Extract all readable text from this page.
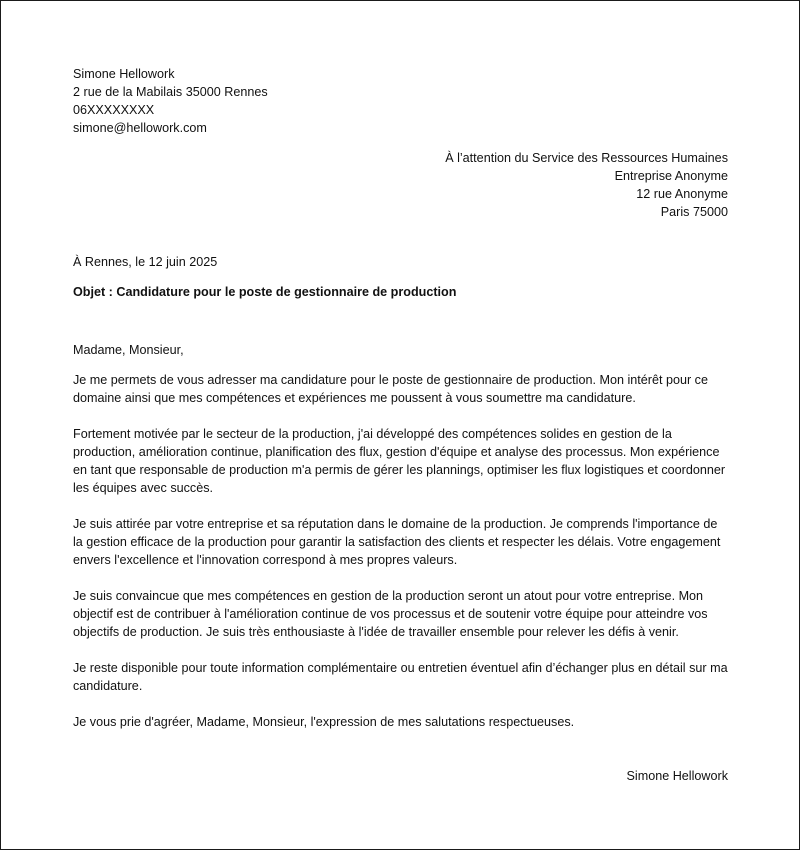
Simone Hellowork

2 rue de la Mabilais 35000 Rennes

06XXXXXXXX

simone@hellowork.com

À l’attention du Service des Ressources Humaines

Entreprise Anonyme

12 rue Anonyme

Paris 75000

À Rennes, le 12 juin 2025

Objet : Candidature pour le poste de gestionnaire de production

Madame, Monsieur,

Je me permets de vous adresser ma candidature pour le poste de gestionnaire de production. Mon intérêt pour ce domaine ainsi que mes compétences et expériences me poussent à vous soumettre ma candidature.

Fortement motivée par le secteur de la production, j'ai développé des compétences solides en gestion de la production, amélioration continue, planification des flux, gestion d'équipe et analyse des processus. Mon expérience en tant que responsable de production m'a permis de gérer les plannings, optimiser les flux logistiques et coordonner les équipes avec succès.

Je suis attirée par votre entreprise et sa réputation dans le domaine de la production. Je comprends l'importance de la gestion efficace de la production pour garantir la satisfaction des clients et respecter les délais. Votre engagement envers l'excellence et l'innovation correspond à mes propres valeurs.

Je suis convaincue que mes compétences en gestion de la production seront un atout pour votre entreprise. Mon objectif est de contribuer à l'amélioration continue de vos processus et de soutenir votre équipe pour atteindre vos objectifs de production. Je suis très enthousiaste à l'idée de travailler ensemble pour relever les défis à venir.

Je reste disponible pour toute information complémentaire ou entretien éventuel afin d’échanger plus en détail sur ma candidature.

Je vous prie d'agréer, Madame, Monsieur, l'expression de mes salutations respectueuses.

Simone Hellowork
